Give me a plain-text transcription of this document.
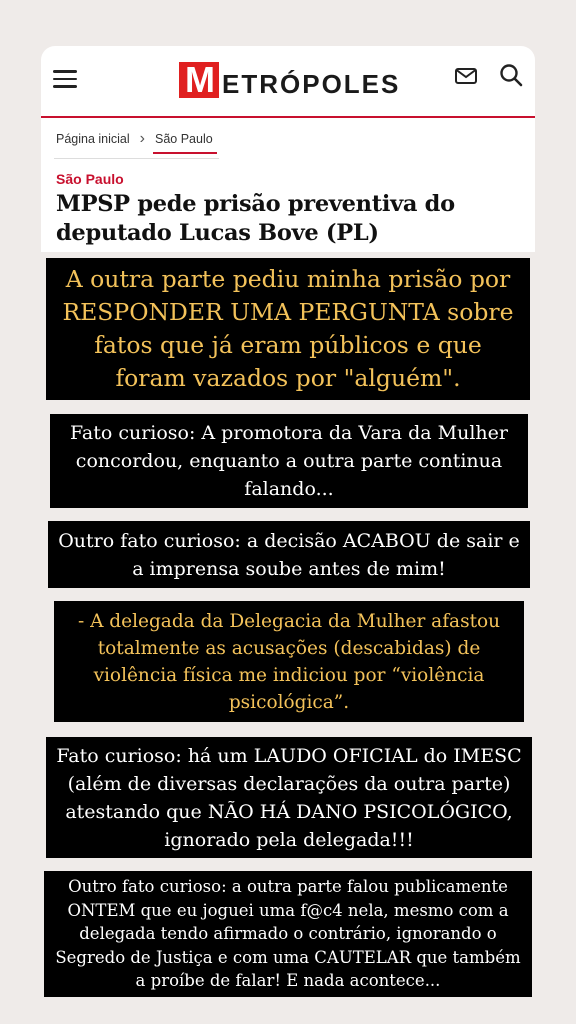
M ETRÓPOLES
Página inicial › São Paulo
São Paulo
MPSP pede prisão preventiva do deputado Lucas Bove (PL)
A outra parte pediu minha prisão por RESPONDER UMA PERGUNTA sobre fatos que já eram públicos e que foram vazados por "alguém".
Fato curioso: A promotora da Vara da Mulher concordou, enquanto a outra parte continua falando...
Outro fato curioso: a decisão ACABOU de sair e a imprensa soube antes de mim!
- A delegada da Delegacia da Mulher afastou totalmente as acusações (descabidas) de violência física me indiciou por “violência psicológica”.
Fato curioso: há um LAUDO OFICIAL do IMESC (além de diversas declarações da outra parte) atestando que NÃO HÁ DANO PSICOLÓGICO, ignorado pela delegada!!!
Outro fato curioso: a outra parte falou publicamente ONTEM que eu joguei uma f@c4 nela, mesmo com a delegada tendo afirmado o contrário, ignorando o Segredo de Justiça e com uma CAUTELAR que também a proíbe de falar! E nada acontece...
